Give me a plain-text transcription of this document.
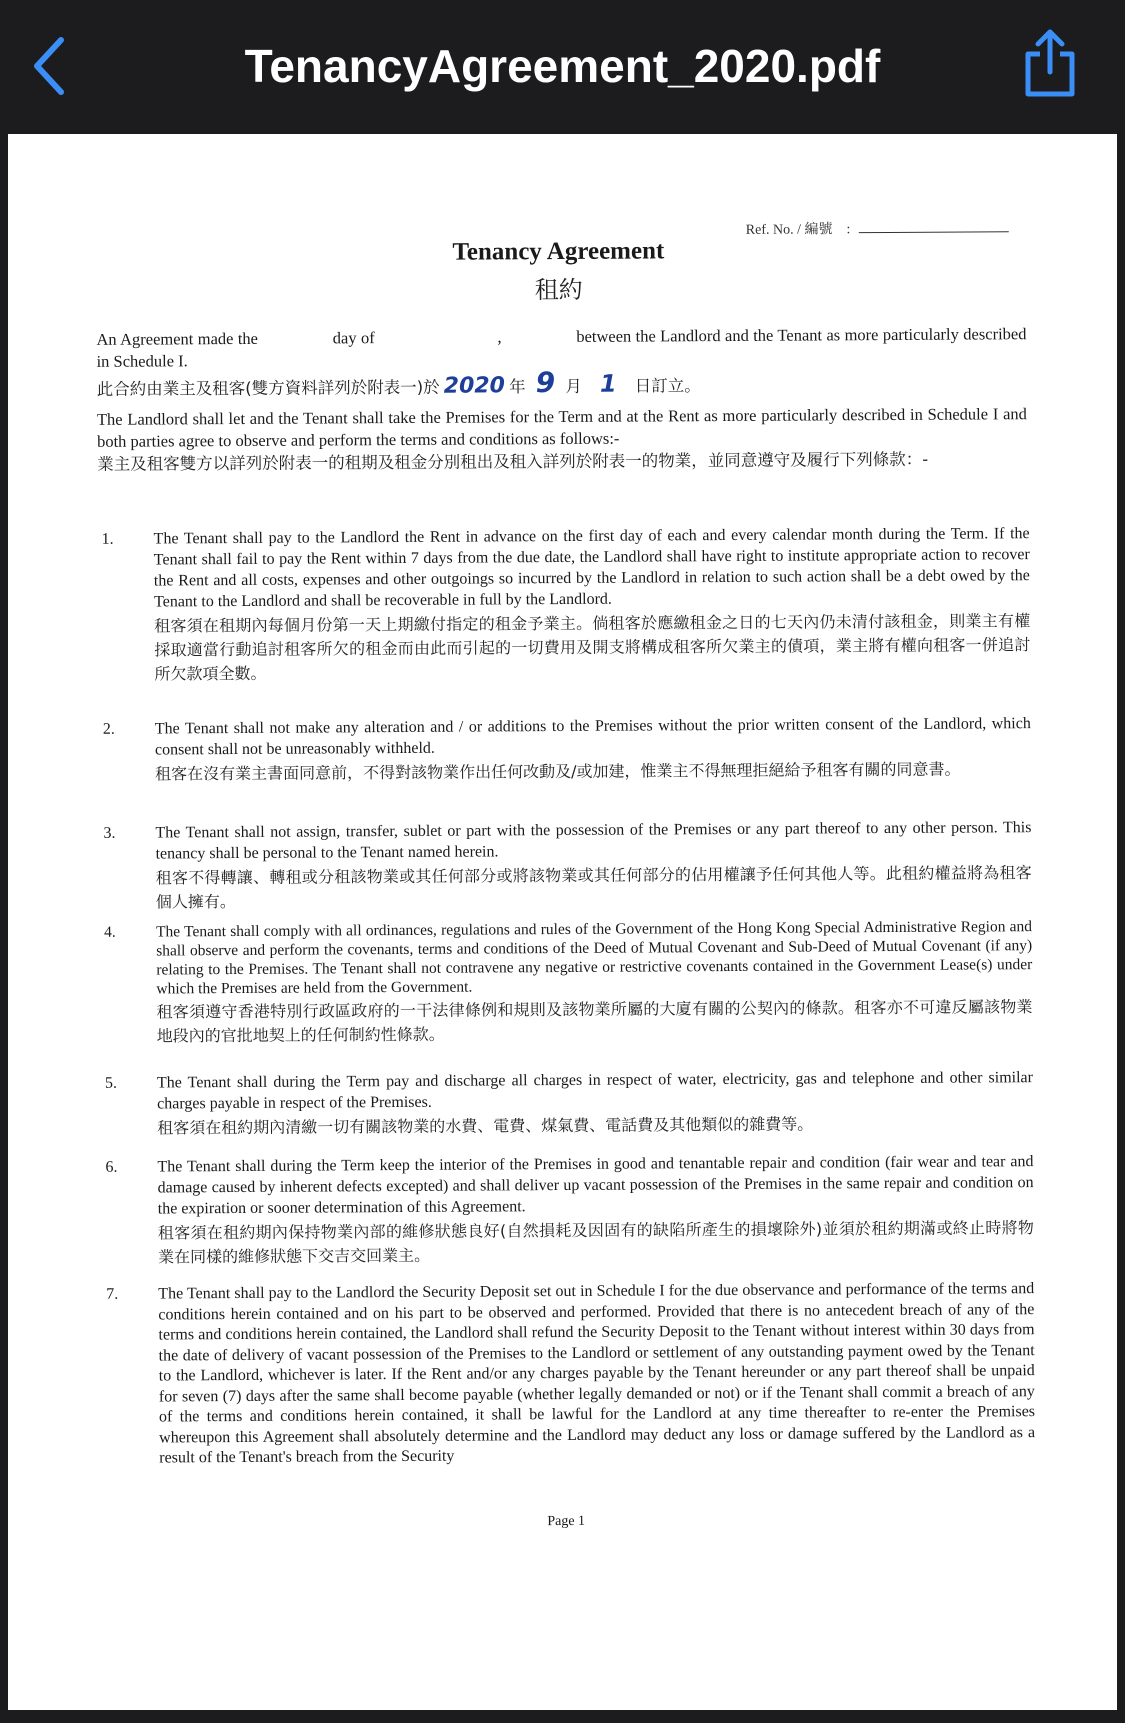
TenancyAgreement_2020.pdf
Ref. No. / 編號　:
Tenancy Agreement
租約
An Agreement made the	day of	,	between the Landlord and the Tenant as more particularly described in Schedule I.
此合約由業主及租客(雙方資料詳列於附表一)於 2020 年 9 月 1 日訂立。
The Landlord shall let and the Tenant shall take the Premises for the Term and at the Rent as more particularly described in Schedule I and both parties agree to observe and perform the terms and conditions as follows:-
業主及租客雙方以詳列於附表一的租期及租金分別租出及租入詳列於附表一的物業，並同意遵守及履行下列條款：-
1.	The Tenant shall pay to the Landlord the Rent in advance on the first day of each and every calendar month during the Term. If the Tenant shall fail to pay the Rent within 7 days from the due date, the Landlord shall have right to institute appropriate action to recover the Rent and all costs, expenses and other outgoings so incurred by the Landlord in relation to such action shall be a debt owed by the Tenant to the Landlord and shall be recoverable in full by the Landlord.
租客須在租期內每個月份第一天上期繳付指定的租金予業主。倘租客於應繳租金之日的七天內仍未清付該租金，則業主有權採取適當行動追討租客所欠的租金而由此而引起的一切費用及開支將構成租客所欠業主的債項，業主將有權向租客一併追討所欠款項全數。
2.	The Tenant shall not make any alteration and / or additions to the Premises without the prior written consent of the Landlord, which consent shall not be unreasonably withheld.
租客在沒有業主書面同意前，不得對該物業作出任何改動及/或加建，惟業主不得無理拒絕給予租客有關的同意書。
3.	The Tenant shall not assign, transfer, sublet or part with the possession of the Premises or any part thereof to any other person. This tenancy shall be personal to the Tenant named herein.
租客不得轉讓、轉租或分租該物業或其任何部分或將該物業或其任何部分的佔用權讓予任何其他人等。此租約權益將為租客個人擁有。
4.	The Tenant shall comply with all ordinances, regulations and rules of the Government of the Hong Kong Special Administrative Region and shall observe and perform the covenants, terms and conditions of the Deed of Mutual Covenant and Sub-Deed of Mutual Covenant (if any) relating to the Premises. The Tenant shall not contravene any negative or restrictive covenants contained in the Government Lease(s) under which the Premises are held from the Government.
租客須遵守香港特別行政區政府的一干法律條例和規則及該物業所屬的大廈有關的公契內的條款。租客亦不可違反屬該物業地段內的官批地契上的任何制約性條款。
5.	The Tenant shall during the Term pay and discharge all charges in respect of water, electricity, gas and telephone and other similar charges payable in respect of the Premises.
租客須在租約期內清繳一切有關該物業的水費、電費、煤氣費、電話費及其他類似的雜費等。
6.	The Tenant shall during the Term keep the interior of the Premises in good and tenantable repair and condition (fair wear and tear and damage caused by inherent defects excepted) and shall deliver up vacant possession of the Premises in the same repair and condition on the expiration or sooner determination of this Agreement.
租客須在租約期內保持物業內部的維修狀態良好(自然損耗及因固有的缺陷所產生的損壞除外)並須於租約期滿或終止時將物業在同樣的維修狀態下交吉交回業主。
7.	The Tenant shall pay to the Landlord the Security Deposit set out in Schedule I for the due observance and performance of the terms and conditions herein contained and on his part to be observed and performed. Provided that there is no antecedent breach of any of the terms and conditions herein contained, the Landlord shall refund the Security Deposit to the Tenant without interest within 30 days from the date of delivery of vacant possession of the Premises to the Landlord or settlement of any outstanding payment owed by the Tenant to the Landlord, whichever is later. If the Rent and/or any charges payable by the Tenant hereunder or any part thereof shall be unpaid for seven (7) days after the same shall become payable (whether legally demanded or not) or if the Tenant shall commit a breach of any of the terms and conditions herein contained, it shall be lawful for the Landlord at any time thereafter to re-enter the Premises whereupon this Agreement shall absolutely determine and the Landlord may deduct any loss or damage suffered by the Landlord as a result of the Tenant's breach from the Security
Page 1
